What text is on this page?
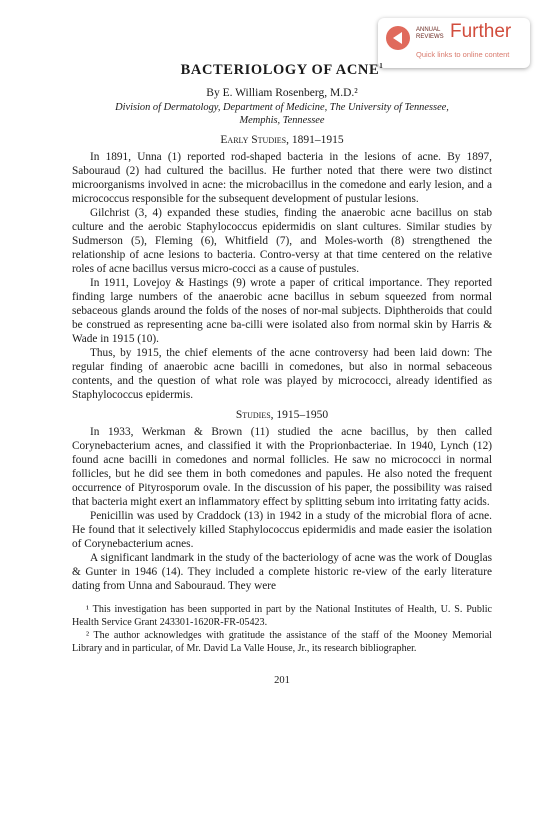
ANNUAL REVIEWS Further
Quick links to online content
BACTERIOLOGY OF ACNE$^1$
By E. William Rosenberg, M.D.²
Division of Dermatology, Department of Medicine, The University of Tennessee,
Memphis, Tennessee
Early Studies, 1891–1915

In 1891, Unna (1) reported rod-shaped bacteria in the lesions of acne. By 1897, Sabouraud (2) had cultured the bacillus. He further noted that there were two distinct microorganisms involved in acne: the microbacillus in the comedone and early lesion, and a micrococcus responsible for the subsequent development of pustular lesions.

Gilchrist (3, 4) expanded these studies, finding the anaerobic acne bacillus on stab culture and the aerobic Staphylococcus epidermidis on slant cultures. Similar studies by Sudmerson (5), Fleming (6), Whitfield (7), and Moles-worth (8) strengthened the relationship of acne lesions to bacteria. Contro-versy at that time centered on the relative roles of acne bacillus versus micro-cocci as a cause of pustules.

In 1911, Lovejoy & Hastings (9) wrote a paper of critical importance. They reported finding large numbers of the anaerobic acne bacillus in sebum squeezed from normal sebaceous glands around the folds of the noses of nor-mal subjects. Diphtheroids that could be construed as representing acne ba-cilli were isolated also from normal skin by Harris & Wade in 1915 (10).

Thus, by 1915, the chief elements of the acne controversy had been laid down: The regular finding of anaerobic acne bacilli in comedones, but also in normal sebaceous contents, and the question of what role was played by micrococci, already identified as Staphylococcus epidermis.

Studies, 1915–1950

In 1933, Werkman & Brown (11) studied the acne bacillus, by then called Corynebacterium acnes, and classified it with the Proprionbacteriae. In 1940, Lynch (12) found acne bacilli in comedones and normal follicles. He saw no micrococci in normal follicles, but he did see them in both comedones and papules. He also noted the frequent occurrence of Pityrosporum ovale. In the discussion of his paper, the possibility was raised that bacteria might exert an inflammatory effect by splitting sebum into irritating fatty acids.

Penicillin was used by Craddock (13) in 1942 in a study of the microbial flora of acne. He found that it selectively killed Staphylococcus epidermidis and made easier the isolation of Corynebacterium acnes.

A significant landmark in the study of the bacteriology of acne was the work of Douglas & Gunter in 1946 (14). They included a complete historic re-view of the early literature dating from Unna and Sabouraud. They were

¹ This investigation has been supported in part by the National Institutes of Health, U. S. Public Health Service Grant 243301-1620R-FR-05423.

² The author acknowledges with gratitude the assistance of the staff of the Mooney Memorial Library and in particular, of Mr. David La Valle House, Jr., its research bibliographer.

201
